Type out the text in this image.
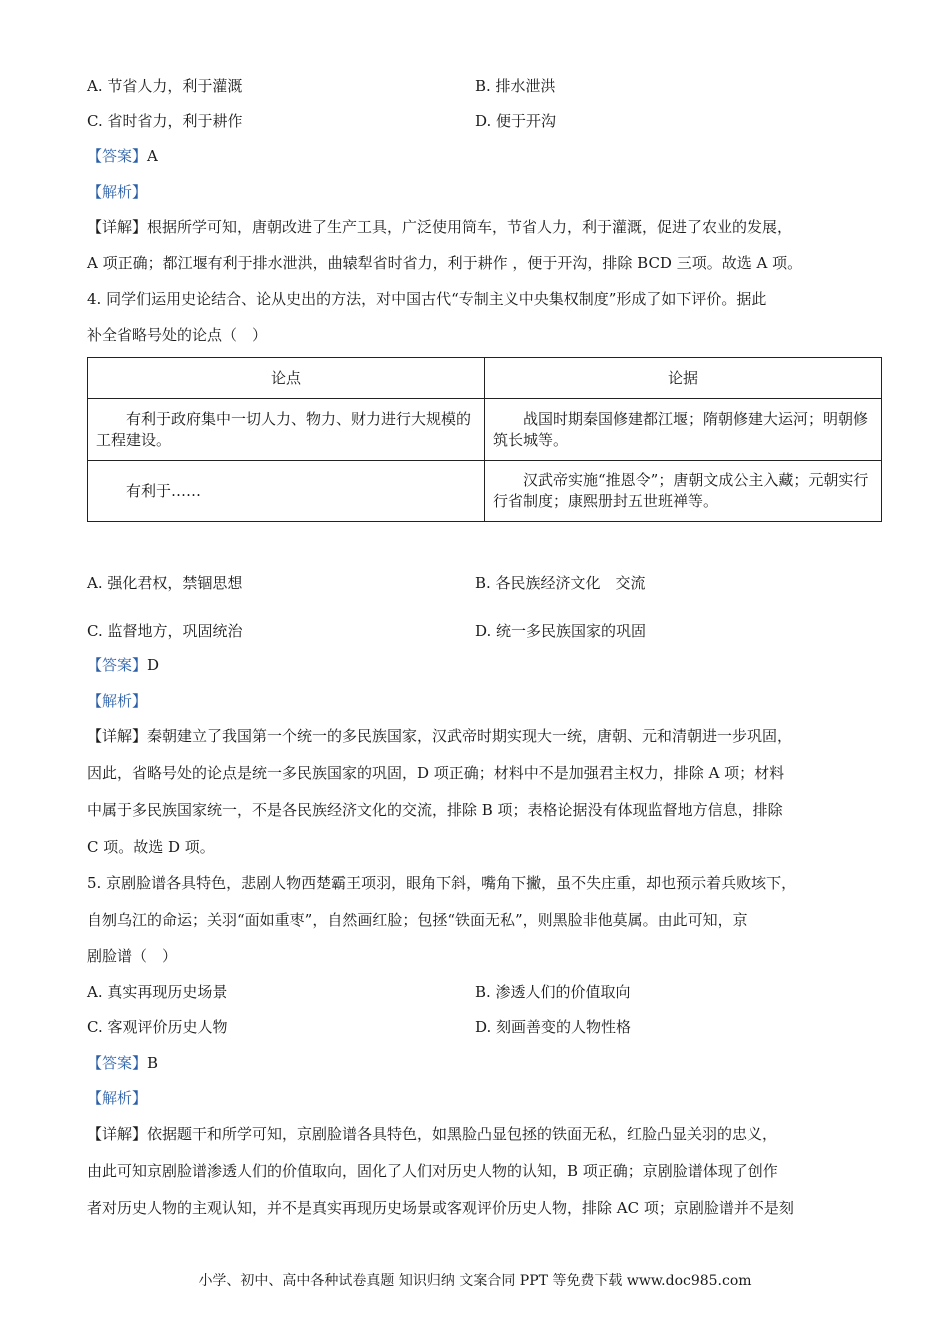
A. 节省人力，利于灌溉	B. 排水泄洪
C. 省时省力，利于耕作	D. 便于开沟
【答案】A
【解析】
【详解】根据所学可知，唐朝改进了生产工具，广泛使用筒车，节省人力，利于灌溉，促进了农业的发展，
A 项正确；都江堰有利于排水泄洪，曲辕犁省时省力，利于耕作 ，便于开沟，排除 BCD 三项。故选 A 项。
4. 同学们运用史论结合、论从史出的方法，对中国古代“专制主义中央集权制度”形成了如下评价。据此
补全省略号处的论点（　）
论点	论据
有利于政府集中一切人力、物力、财力进行大规模的工程建设。	战国时期秦国修建都江堰；隋朝修建大运河；明朝修筑长城等。
有利于……	汉武帝实施“推恩令”；唐朝文成公主入藏；元朝实行行省制度；康熙册封五世班禅等。
A. 强化君权，禁锢思想	B. 各民族经济文化　交流
C. 监督地方，巩固统治	D. 统一多民族国家的巩固
【答案】D
【解析】
【详解】秦朝建立了我国第一个统一的多民族国家，汉武帝时期实现大一统，唐朝、元和清朝进一步巩固，
因此，省略号处的论点是统一多民族国家的巩固，D 项正确；材料中不是加强君主权力，排除 A 项；材料
中属于多民族国家统一，不是各民族经济文化的交流，排除 B 项；表格论据没有体现监督地方信息，排除
C 项。故选 D 项。
5. 京剧脸谱各具特色，悲剧人物西楚霸王项羽，眼角下斜，嘴角下撇，虽不失庄重，却也预示着兵败垓下，
自刎乌江的命运；关羽“面如重枣”，自然画红脸；包拯“铁面无私”，则黑脸非他莫属。由此可知，京
剧脸谱（　）
A. 真实再现历史场景	B. 渗透人们的价值取向
C. 客观评价历史人物	D. 刻画善变的人物性格
【答案】B
【解析】
【详解】依据题干和所学可知，京剧脸谱各具特色，如黑脸凸显包拯的铁面无私，红脸凸显关羽的忠义，
由此可知京剧脸谱渗透人们的价值取向，固化了人们对历史人物的认知，B 项正确；京剧脸谱体现了创作
者对历史人物的主观认知，并不是真实再现历史场景或客观评价历史人物，排除 AC 项；京剧脸谱并不是刻
小学、初中、高中各种试卷真题 知识归纳 文案合同 PPT 等免费下载 www.doc985.com
